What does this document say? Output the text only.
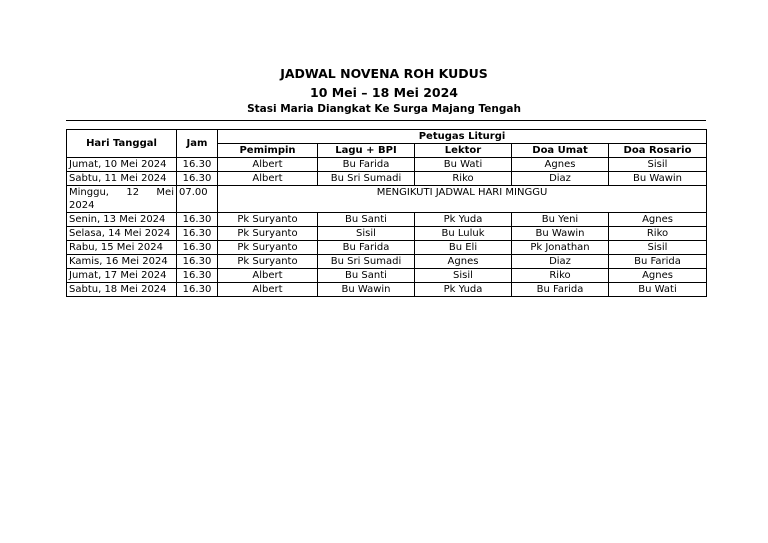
JADWAL NOVENA ROH KUDUS
10 Mei – 18 Mei 2024
Stasi Maria Diangkat Ke Surga Majang Tengah
Hari Tanggal	Jam	Petugas Liturgi				
		Pemimpin	Lagu + BPI	Lektor	Doa Umat	Doa Rosario
Jumat, 10 Mei 2024	16.30	Albert	Bu Farida	Bu Wati	Agnes	Sisil
Sabtu, 11 Mei 2024	16.30	Albert	Bu Sri Sumadi	Riko	Diaz	Bu Wawin
Minggu, 12 Mei 2024	07.00	MENGIKUTI JADWAL HARI MINGGU				
Senin, 13 Mei 2024	16.30	Pk Suryanto	Bu Santi	Pk Yuda	Bu Yeni	Agnes
Selasa, 14 Mei 2024	16.30	Pk Suryanto	Sisil	Bu Luluk	Bu Wawin	Riko
Rabu, 15 Mei 2024	16.30	Pk Suryanto	Bu Farida	Bu Eli	Pk Jonathan	Sisil
Kamis, 16 Mei 2024	16.30	Pk Suryanto	Bu Sri Sumadi	Agnes	Diaz	Bu Farida
Jumat, 17 Mei 2024	16.30	Albert	Bu Santi	Sisil	Riko	Agnes
Sabtu, 18 Mei 2024	16.30	Albert	Bu Wawin	Pk Yuda	Bu Farida	Bu Wati
